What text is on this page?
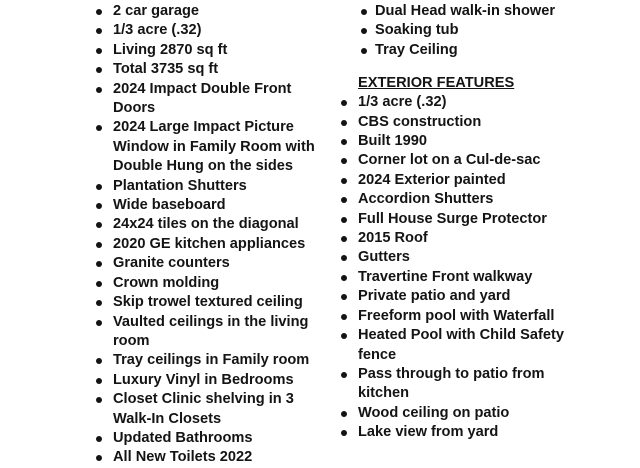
2 car garage
1/3 acre (.32)
Living 2870 sq ft
Total 3735 sq ft
2024 Impact Double Front Doors
2024 Large Impact Picture Window in Family Room with Double Hung on the sides
Plantation Shutters
Wide baseboard
24x24 tiles on the diagonal
2020 GE kitchen appliances
Granite counters
Crown molding
Skip trowel textured ceiling
Vaulted ceilings in the living room
Tray ceilings in Family room
Luxury Vinyl in Bedrooms
Closet Clinic shelving in 3 Walk-In Closets
Updated Bathrooms
All New Toilets 2022
Dual Head walk-in shower
Soaking tub
Tray Ceiling
EXTERIOR FEATURES
1/3 acre (.32)
CBS construction
Built 1990
Corner lot on a Cul-de-sac
2024 Exterior painted
Accordion Shutters
Full House Surge Protector
2015 Roof
Gutters
Travertine Front walkway
Private patio and yard
Freeform pool with Waterfall
Heated Pool with Child Safety fence
Pass through to patio from kitchen
Wood ceiling on patio
Lake view from yard
